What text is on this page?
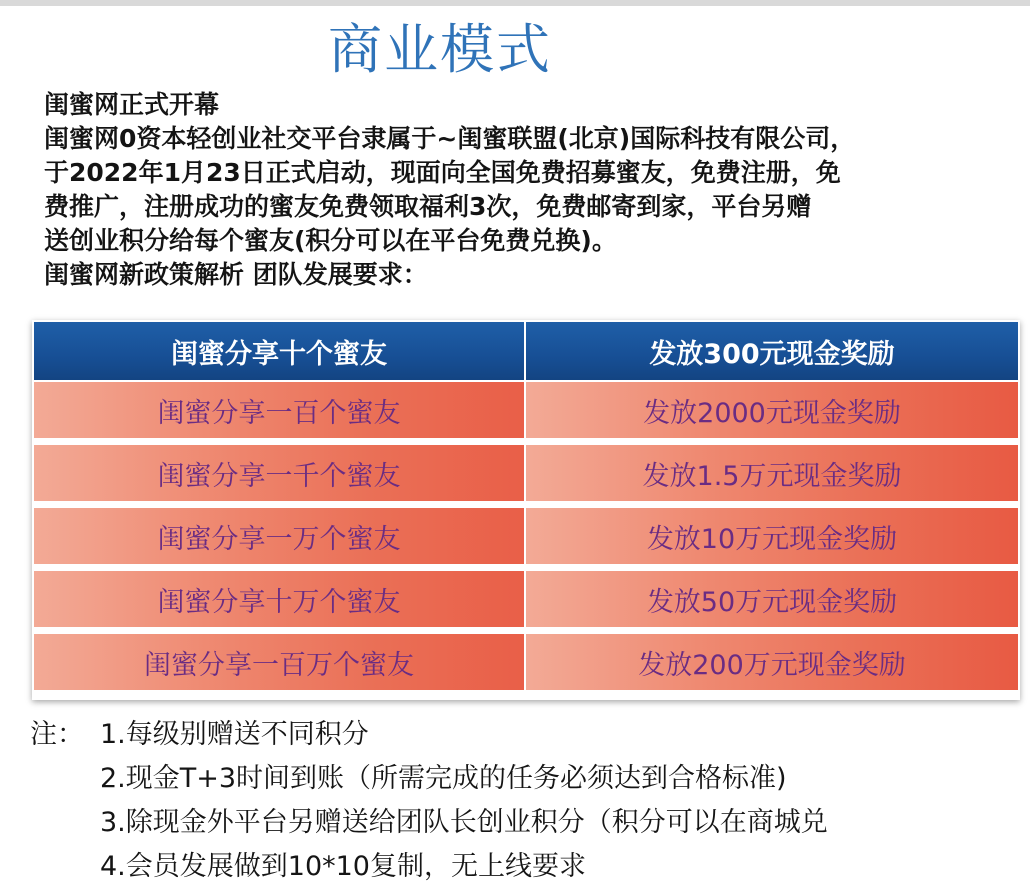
商业模式
闺蜜网正式开幕
闺蜜网0资本轻创业社交平台隶属于~闺蜜联盟(北京)国际科技有限公司，
于2022年1月23日正式启动，现面向全国免费招募蜜友，免费注册，免
费推广，注册成功的蜜友免费领取福利3次，免费邮寄到家，平台另赠
送创业积分给每个蜜友(积分可以在平台免费兑换)。
闺蜜网新政策解析 团队发展要求：
闺蜜分享十个蜜友	发放300元现金奖励
闺蜜分享一百个蜜友	发放2000元现金奖励
闺蜜分享一千个蜜友	发放1.5万元现金奖励
闺蜜分享一万个蜜友	发放10万元现金奖励
闺蜜分享十万个蜜友	发放50万元现金奖励
闺蜜分享一百万个蜜友	发放200万元现金奖励
注： 1.每级别赠送不同积分
2.现金T+3时间到账（所需完成的任务必须达到合格标准)
3.除现金外平台另赠送给团队长创业积分（积分可以在商城兑
4.会员发展做到10*10复制，无上线要求
